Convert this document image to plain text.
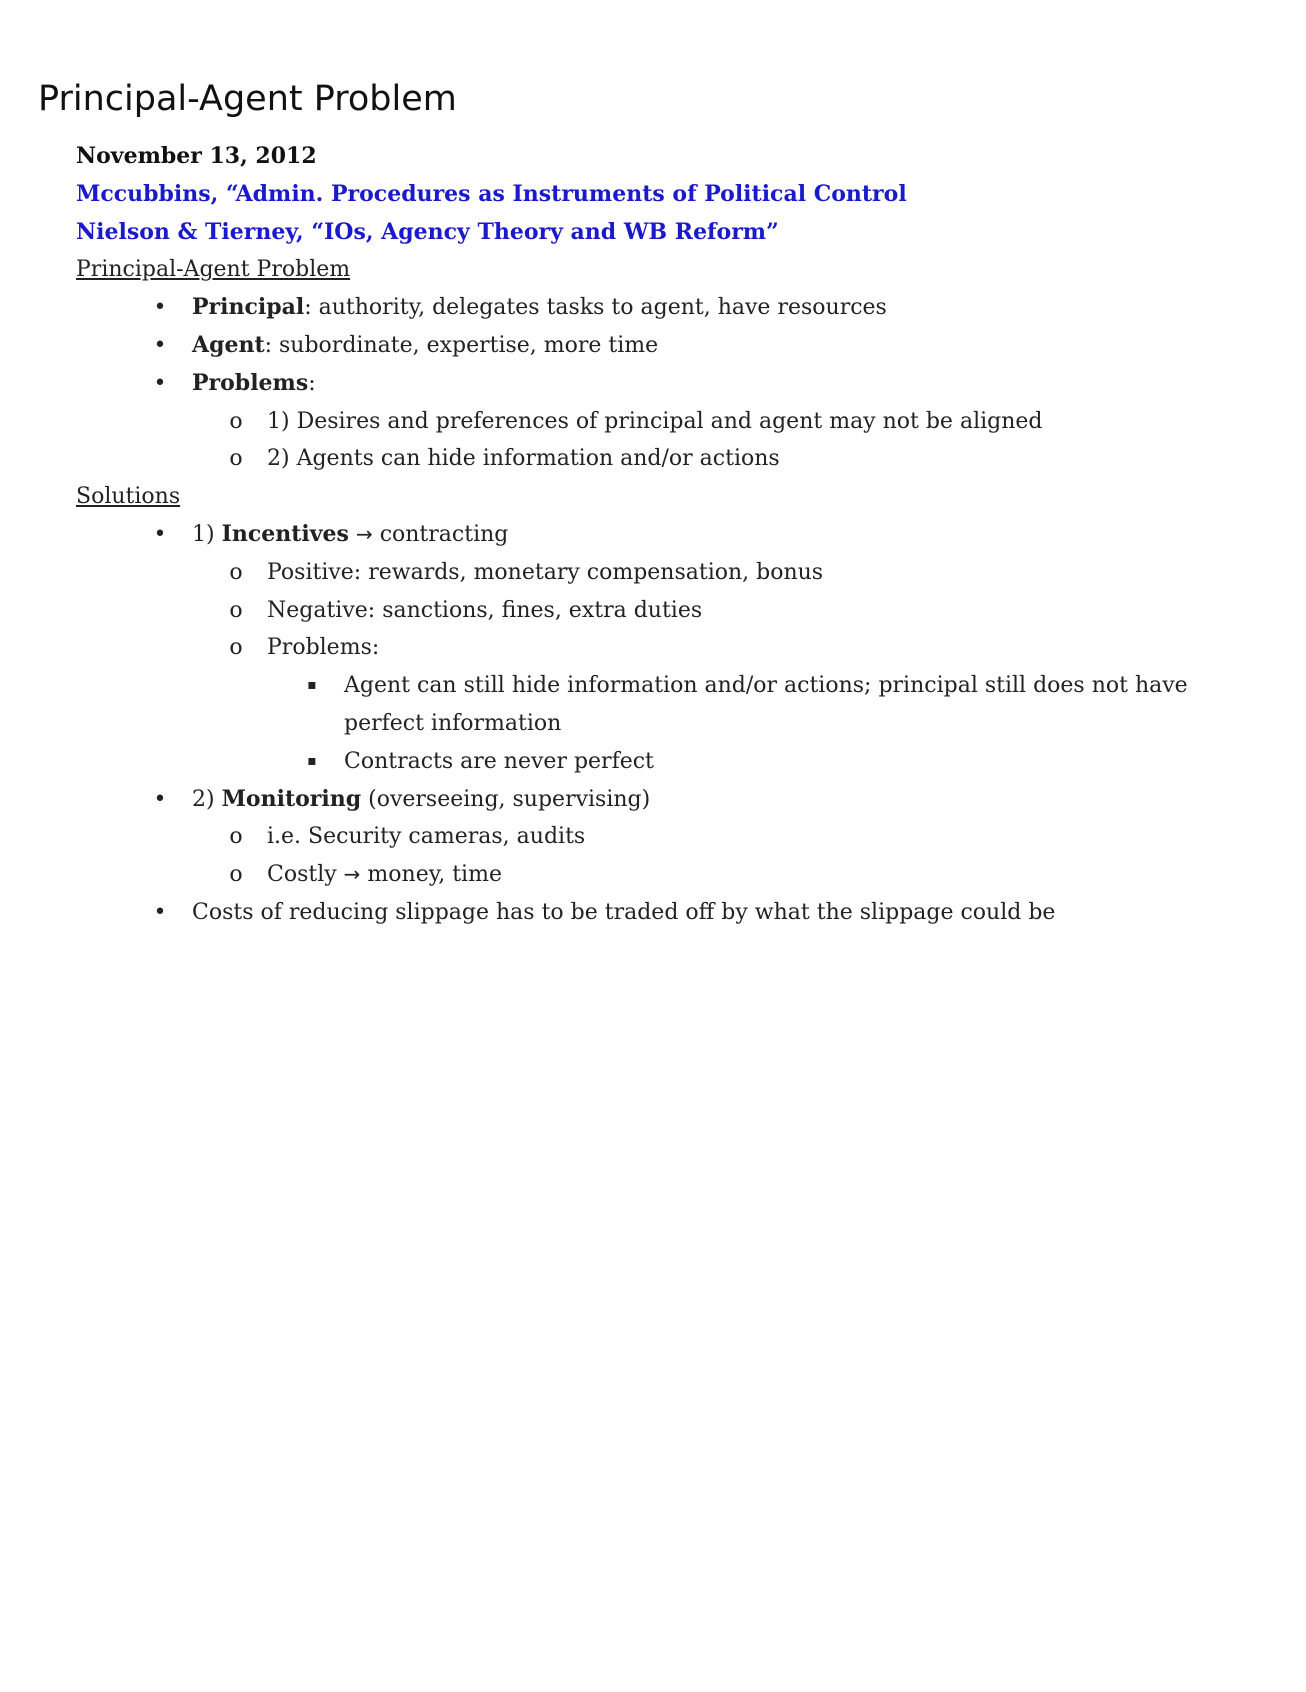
Principal-Agent Problem

November 13, 2012

Mccubbins, “Admin. Procedures as Instruments of Political Control

Nielson & Tierney, “IOs, Agency Theory and WB Reform”

Principal-Agent Problem

• Principal: authority, delegates tasks to agent, have resources

• Agent: subordinate, expertise, more time

• Problems:

o 1) Desires and preferences of principal and agent may not be aligned

o 2) Agents can hide information and/or actions

Solutions

• 1) Incentives → contracting

o Positive: rewards, monetary compensation, bonus

o Negative: sanctions, fines, extra duties

o Problems:

▪ Agent can still hide information and/or actions; principal still does not have perfect information

▪ Contracts are never perfect

• 2) Monitoring (overseeing, supervising)

o i.e. Security cameras, audits

o Costly → money, time

• Costs of reducing slippage has to be traded off by what the slippage could be
